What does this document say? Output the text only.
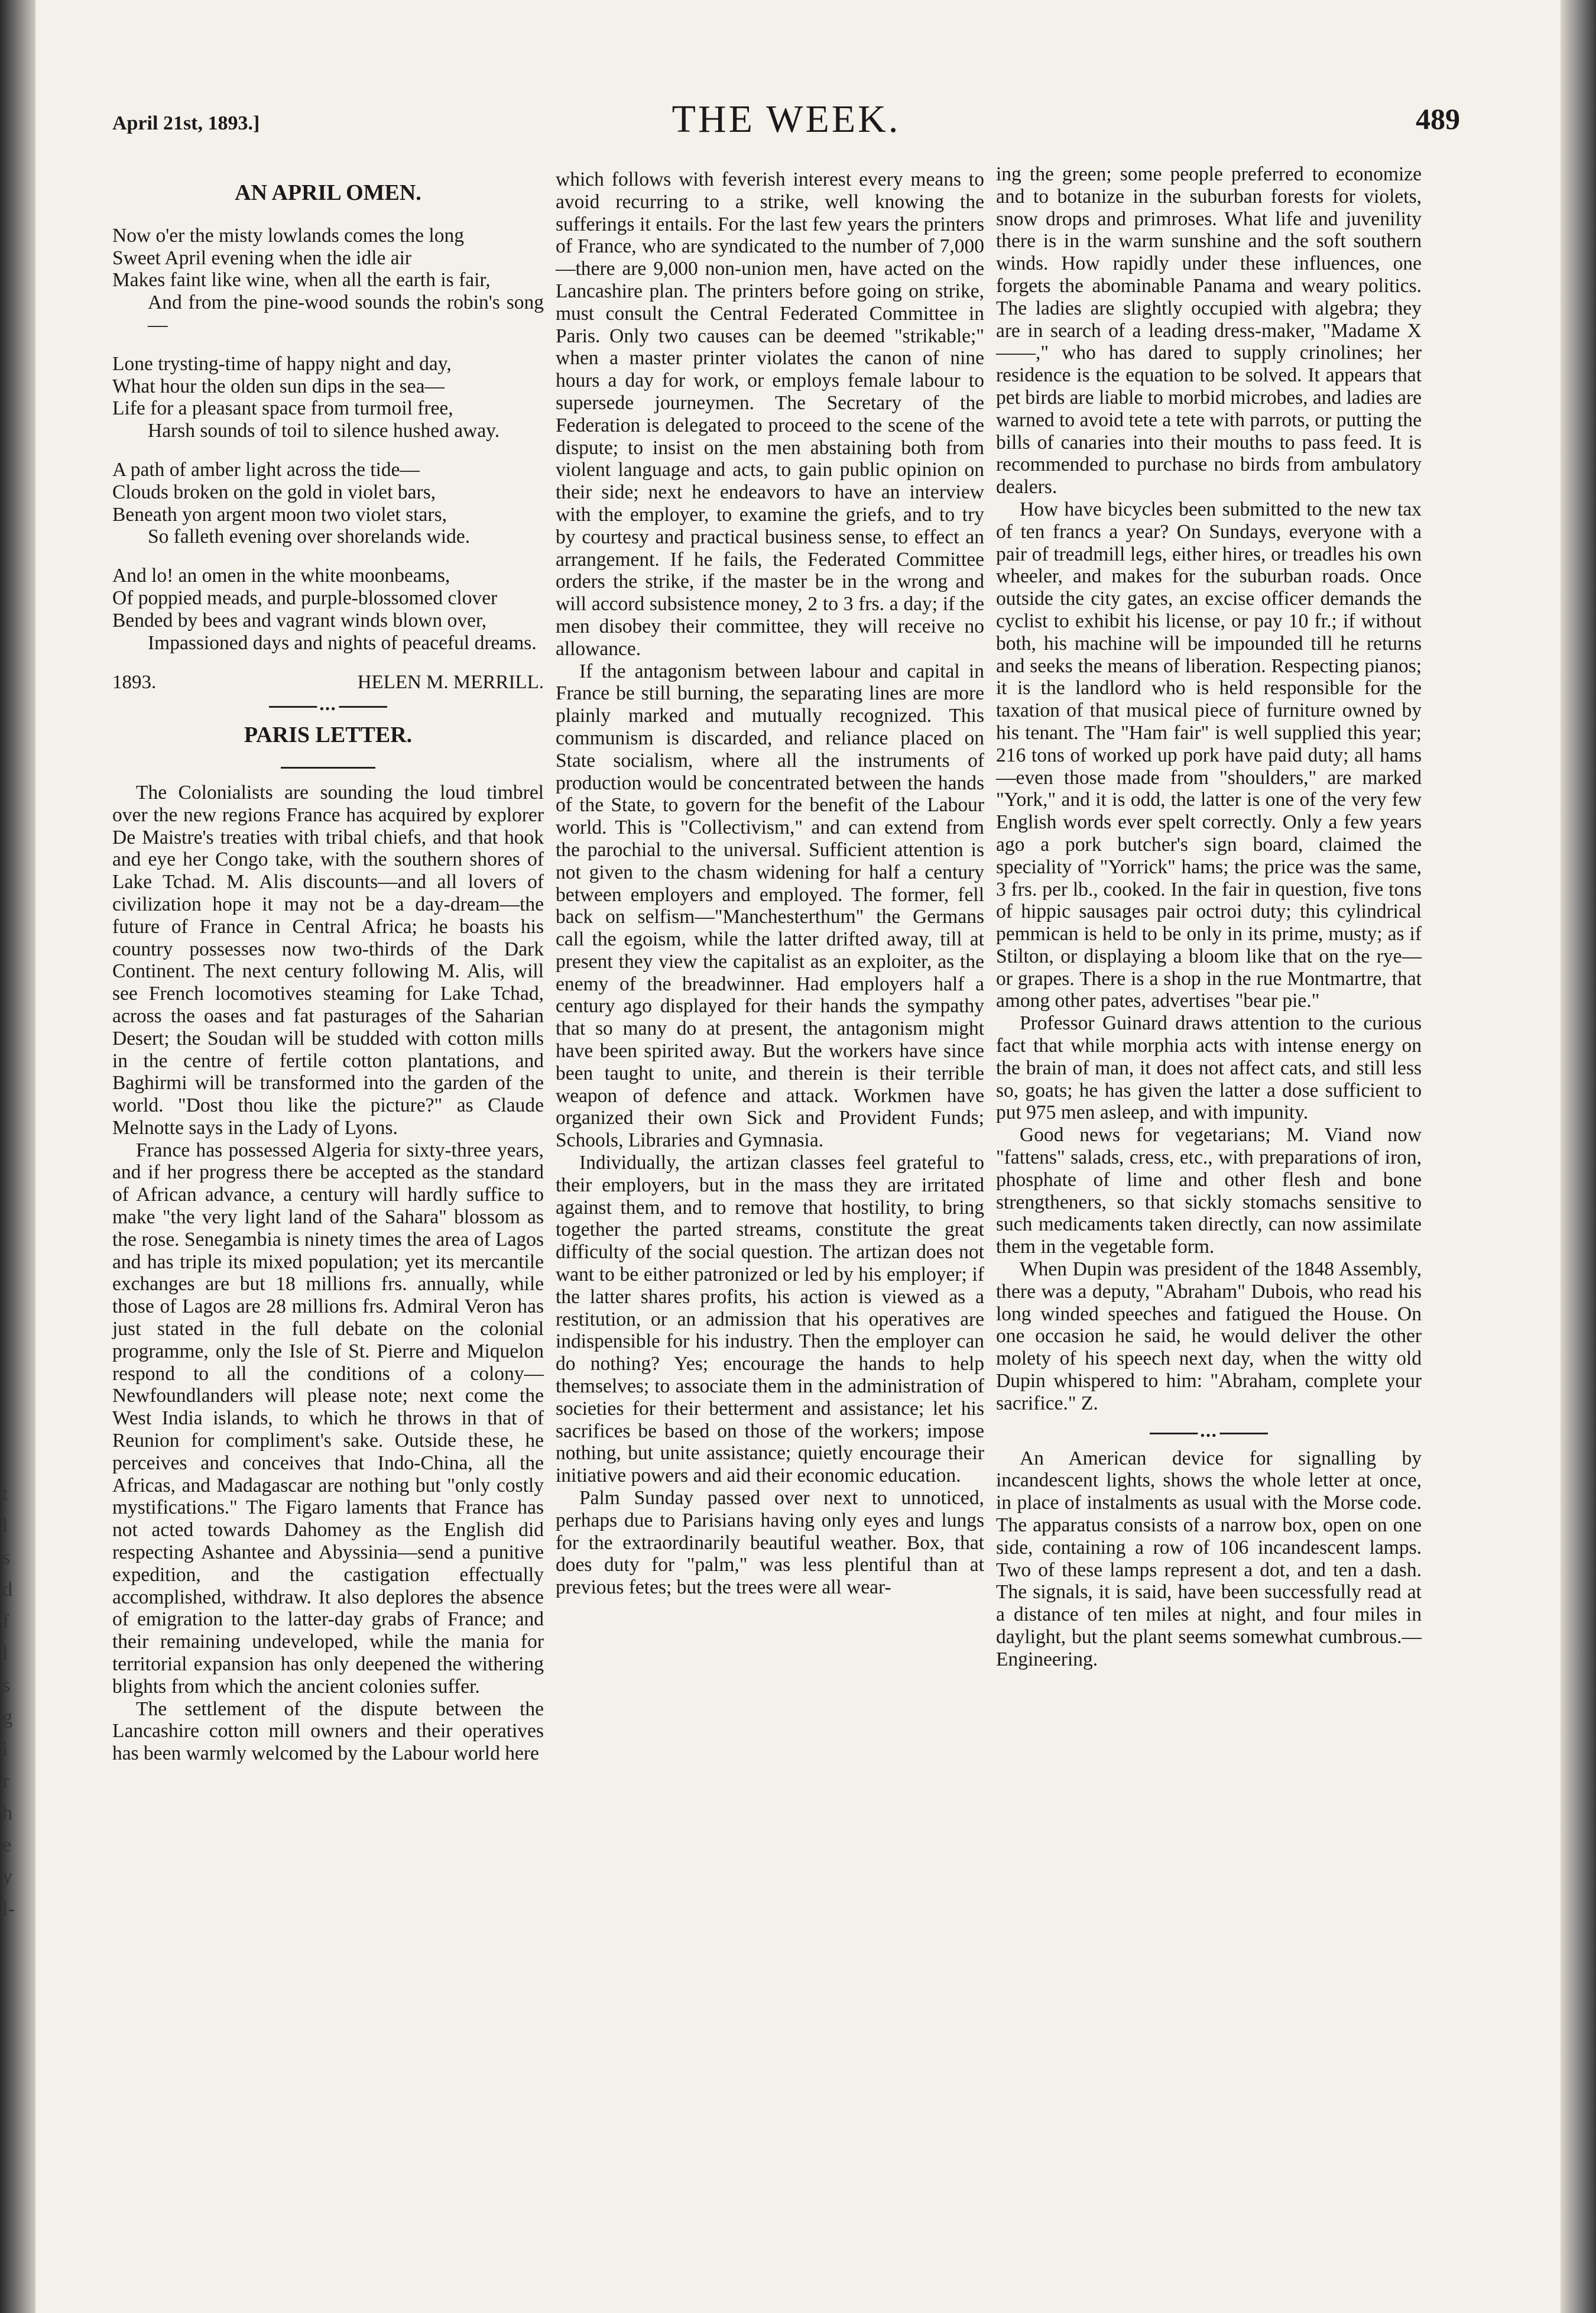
t
l
s
d
f
l
s
g
i
r
h
e
y
l-
April 21st, 1893.]	THE WEEK.	489
AN APRIL OMEN.
Now o'er the misty lowlands comes the long
Sweet April evening when the idle air
Makes faint like wine, when all the earth is fair,
And from the pine-wood sounds the robin's song—
Lone trysting-time of happy night and day,
What hour the olden sun dips in the sea—
Life for a pleasant space from turmoil free,
Harsh sounds of toil to silence hushed away.
A path of amber light across the tide—
Clouds broken on the gold in violet bars,
Beneath yon argent moon two violet stars,
So falleth evening over shorelands wide.
And lo! an omen in the white moonbeams,
Of poppied meads, and purple-blossomed clover
Bended by bees and vagrant winds blown over,
Impassioned days and nights of peaceful dreams.
1893.	HELEN M. MERRILL.
•••
PARIS LETTER.

The Colonialists are sounding the loud timbrel over the new regions France has acquired by explorer De Maistre's treaties with tribal chiefs, and that hook and eye her Congo take, with the southern shores of Lake Tchad. M. Alis discounts—and all lovers of civilization hope it may not be a day-dream—the future of France in Central Africa; he boasts his country possesses now two-thirds of the Dark Continent. The next century following M. Alis, will see French locomotives steaming for Lake Tchad, across the oases and fat pasturages of the Saharian Desert; the Soudan will be studded with cotton mills in the centre of fertile cotton plantations, and Baghirmi will be transformed into the garden of the world. "Dost thou like the picture?" as Claude Melnotte says in the Lady of Lyons.

France has possessed Algeria for sixty-three years, and if her progress there be accepted as the standard of African advance, a century will hardly suffice to make "the very light land of the Sahara" blossom as the rose. Senegambia is ninety times the area of Lagos and has triple its mixed population; yet its mercantile exchanges are but 18 millions frs. annually, while those of Lagos are 28 millions frs. Admiral Veron has just stated in the full debate on the colonial programme, only the Isle of St. Pierre and Miquelon respond to all the conditions of a colony—Newfoundlanders will please note; next come the West India islands, to which he throws in that of Reunion for compliment's sake. Outside these, he perceives and conceives that Indo-China, all the Africas, and Madagascar are nothing but "only costly mystifications." The Figaro laments that France has not acted towards Dahomey as the English did respecting Ashantee and Abyssinia—send a punitive expedition, and the castigation effectually accomplished, withdraw. It also deplores the absence of emigration to the latter-day grabs of France; and their remaining undeveloped, while the mania for territorial expansion has only deepened the withering blights from which the ancient colonies suffer.

The settlement of the dispute between the Lancashire cotton mill owners and their operatives has been warmly welcomed by the Labour world here

which follows with feverish interest every means to avoid recurring to a strike, well knowing the sufferings it entails. For the last few years the printers of France, who are syndicated to the number of 7,000—there are 9,000 non-union men, have acted on the Lancashire plan. The printers before going on strike, must consult the Central Federated Committee in Paris. Only two causes can be deemed "strikable;" when a master printer violates the canon of nine hours a day for work, or employs female labour to supersede journeymen. The Secretary of the Federation is delegated to proceed to the scene of the dispute; to insist on the men abstaining both from violent language and acts, to gain public opinion on their side; next he endeavors to have an interview with the employer, to examine the griefs, and to try by courtesy and practical business sense, to effect an arrangement. If he fails, the Federated Committee orders the strike, if the master be in the wrong and will accord subsistence money, 2 to 3 frs. a day; if the men disobey their committee, they will receive no allowance.

If the antagonism between labour and capital in France be still burning, the separating lines are more plainly marked and mutually recognized. This communism is discarded, and reliance placed on State socialism, where all the instruments of production would be concentrated between the hands of the State, to govern for the benefit of the Labour world. This is "Collectivism," and can extend from the parochial to the universal. Sufficient attention is not given to the chasm widening for half a century between employers and employed. The former, fell back on selfism—"Manchesterthum" the Germans call the egoism, while the latter drifted away, till at present they view the capitalist as an exploiter, as the enemy of the breadwinner. Had employers half a century ago displayed for their hands the sympathy that so many do at present, the antagonism might have been spirited away. But the workers have since been taught to unite, and therein is their terrible weapon of defence and attack. Workmen have organized their own Sick and Provident Funds; Schools, Libraries and Gymnasia.

Individually, the artizan classes feel grateful to their employers, but in the mass they are irritated against them, and to remove that hostility, to bring together the parted streams, constitute the great difficulty of the social question. The artizan does not want to be either patronized or led by his employer; if the latter shares profits, his action is viewed as a restitution, or an admission that his operatives are indispensible for his industry. Then the employer can do nothing? Yes; encourage the hands to help themselves; to associate them in the administration of societies for their betterment and assistance; let his sacrifices be based on those of the workers; impose nothing, but unite assistance; quietly encourage their initiative powers and aid their economic education.

Palm Sunday passed over next to unnoticed, perhaps due to Parisians having only eyes and lungs for the extraordinarily beautiful weather. Box, that does duty for "palm," was less plentiful than at previous fetes; but the trees were all wear-

ing the green; some people preferred to economize and to botanize in the suburban forests for violets, snow drops and primroses. What life and juvenility there is in the warm sunshine and the soft southern winds. How rapidly under these influences, one forgets the abominable Panama and weary politics. The ladies are slightly occupied with algebra; they are in search of a leading dress-maker, "Madame X——," who has dared to supply crinolines; her residence is the equation to be solved. It appears that pet birds are liable to morbid microbes, and ladies are warned to avoid tete a tete with parrots, or putting the bills of canaries into their mouths to pass feed. It is recommended to purchase no birds from ambulatory dealers.

How have bicycles been submitted to the new tax of ten francs a year? On Sundays, everyone with a pair of treadmill legs, either hires, or treadles his own wheeler, and makes for the suburban roads. Once outside the city gates, an excise officer demands the cyclist to exhibit his license, or pay 10 fr.; if without both, his machine will be impounded till he returns and seeks the means of liberation. Respecting pianos; it is the landlord who is held responsible for the taxation of that musical piece of furniture owned by his tenant. The "Ham fair" is well supplied this year; 216 tons of worked up pork have paid duty; all hams—even those made from "shoulders," are marked "York," and it is odd, the latter is one of the very few English words ever spelt correctly. Only a few years ago a pork butcher's sign board, claimed the speciality of "Yorrick" hams; the price was the same, 3 frs. per lb., cooked. In the fair in question, five tons of hippic sausages pair octroi duty; this cylindrical pemmican is held to be only in its prime, musty; as if Stilton, or displaying a bloom like that on the rye—or grapes. There is a shop in the rue Montmartre, that among other pates, advertises "bear pie."

Professor Guinard draws attention to the curious fact that while morphia acts with intense energy on the brain of man, it does not affect cats, and still less so, goats; he has given the latter a dose sufficient to put 975 men asleep, and with impunity.

Good news for vegetarians; M. Viand now "fattens" salads, cress, etc., with preparations of iron, phosphate of lime and other flesh and bone strengtheners, so that sickly stomachs sensitive to such medicaments taken directly, can now assimilate them in the vegetable form.

When Dupin was president of the 1848 Assembly, there was a deputy, "Abraham" Dubois, who read his long winded speeches and fatigued the House. On one occasion he said, he would deliver the other molety of his speech next day, when the witty old Dupin whispered to him: "Abraham, complete your sacrifice." Z.

•••

An American device for signalling by incandescent lights, shows the whole letter at once, in place of instalments as usual with the Morse code. The apparatus consists of a narrow box, open on one side, containing a row of 106 incandescent lamps. Two of these lamps represent a dot, and ten a dash. The signals, it is said, have been successfully read at a distance of ten miles at night, and four miles in daylight, but the plant seems somewhat cumbrous.—Engineering.
